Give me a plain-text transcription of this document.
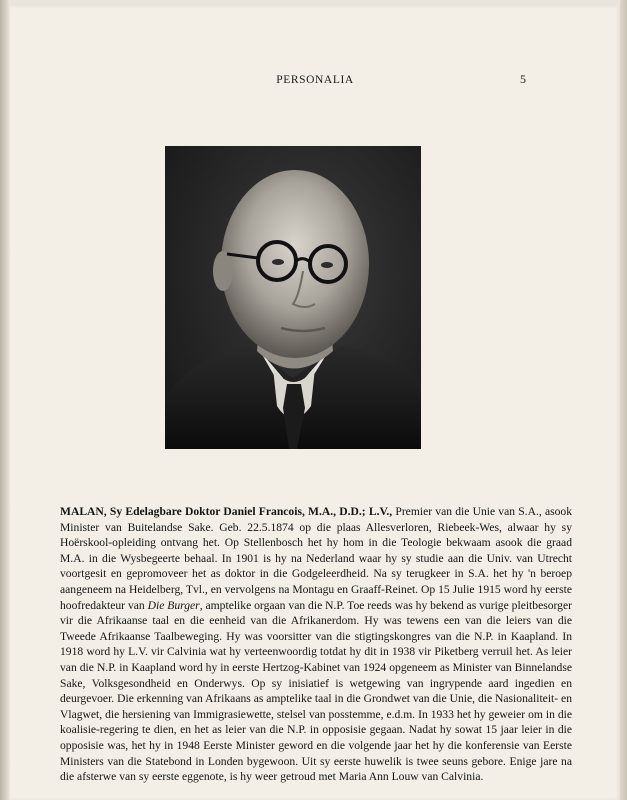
PERSONALIA	5

MALAN, Sy Edelagbare Doktor Daniel Francois, M.A., D.D.; L.V., Premier van die Unie van S.A., asook Minister van Buitelandse Sake. Geb. 22.5.1874 op die plaas Allesverloren, Riebeek-Wes, alwaar hy sy Hoërskool-opleiding ontvang het. Op Stellenbosch het hy hom in die Teologie bekwaam asook die graad M.A. in die Wysbegeerte behaal. In 1901 is hy na Nederland waar hy sy studie aan die Univ. van Utrecht voortgesit en gepromoveer het as doktor in die Godgeleerdheid. Na sy terugkeer in S.A. het hy 'n beroep aangeneem na Heidelberg, Tvl., en vervolgens na Montagu en Graaff-Reinet. Op 15 Julie 1915 word hy eerste hoofredakteur van Die Burger, amptelike orgaan van die N.P. Toe reeds was hy bekend as vurige pleitbesorger vir die Afrikaanse taal en die eenheid van die Afrikanerdom. Hy was tewens een van die leiers van die Tweede Afrikaanse Taalbeweging. Hy was voorsitter van die stigtingskongres van die N.P. in Kaapland. In 1918 word hy L.V. vir Calvinia wat hy verteenwoordig totdat hy dit in 1938 vir Piketberg verruil het. As leier van die N.P. in Kaapland word hy in eerste Hertzog-Kabinet van 1924 opgeneem as Minister van Binnelandse Sake, Volksgesondheid en Onderwys. Op sy inisiatief is wetgewing van ingrypende aard ingedien en deurgevoer. Die erkenning van Afrikaans as amptelike taal in die Grondwet van die Unie, die Nasionaliteit- en Vlagwet, die hersiening van Immigrasiewette, stelsel van posstemme, e.d.m. In 1933 het hy geweier om in die koalisie-regering te dien, en het as leier van die N.P. in opposisie gegaan. Nadat hy sowat 15 jaar leier in die opposisie was, het hy in 1948 Eerste Minister geword en die volgende jaar het hy die konferensie van Eerste Ministers van die Statebond in Londen bygewoon. Uit sy eerste huwelik is twee seuns gebore. Enige jare na die afsterwe van sy eerste eggenote, is hy weer getroud met Maria Ann Louw van Calvinia.
